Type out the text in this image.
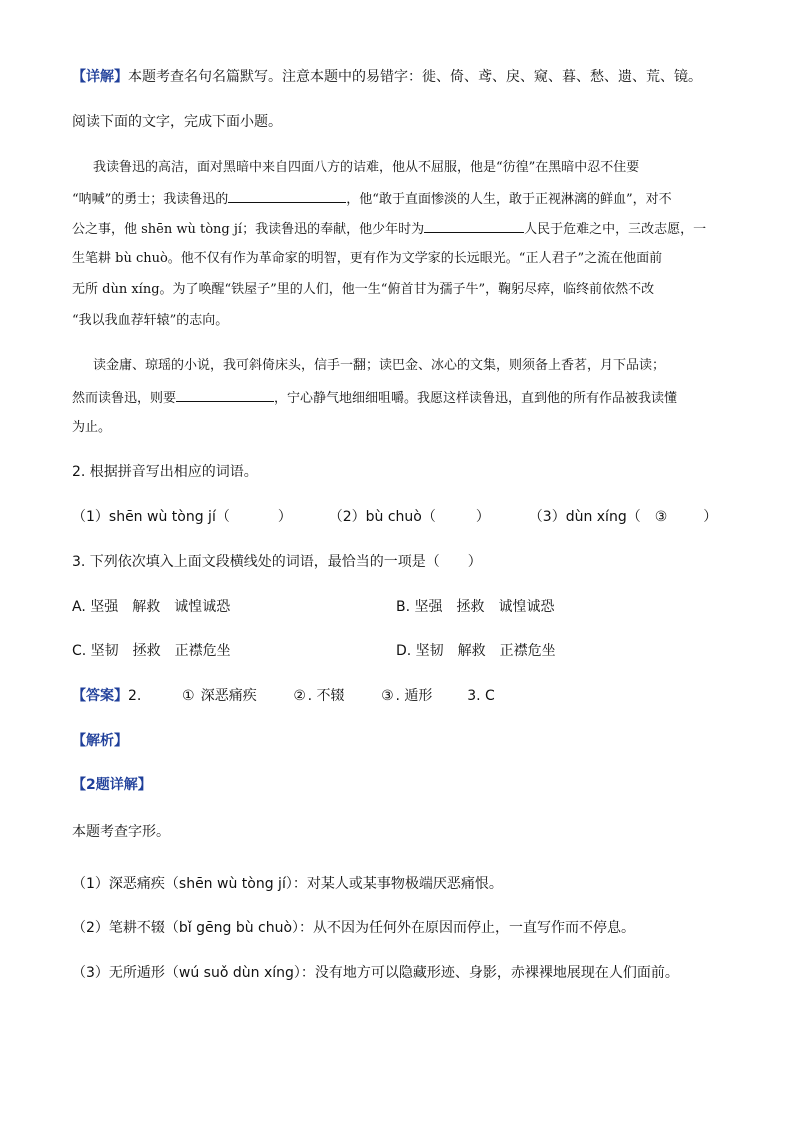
【详解】本题考查名句名篇默写。注意本题中的易错字：徙、倚、鸢、戾、窥、暮、愁、遗、荒、镜。
阅读下面的文字，完成下面小题。
我读鲁迅的高洁，面对黑暗中来自四面八方的诘难，他从不屈服，他是“彷徨”在黑暗中忍不住要
“呐喊”的勇士；我读鲁迅的	，他“敢于直面惨淡的人生，敢于正视淋漓的鲜血”，对不
公之事，他 shēn wù tòng jí；我读鲁迅的奉献，他少年时为	人民于危难之中，三改志愿，一
生笔耕 bù chuò。他不仅有作为革命家的明智，更有作为文学家的长远眼光。“正人君子”之流在他面前
无所 dùn xíng。为了唤醒“铁屋子”里的人们，他一生“俯首甘为孺子牛”，鞠躬尽瘁，临终前依然不改
“我以我血荐轩辕”的志向。
读金庸、琼瑶的小说，我可斜倚床头，信手一翻；读巴金、冰心的文集，则须备上香茗，月下品读；
然而读鲁迅，则要	，宁心静气地细细咀嚼。我愿这样读鲁迅，直到他的所有作品被我读懂
为止。
2. 根据拼音写出相应的词语。
（1）shēn wù tòng jí（	）	（2）bù chuò（	）	（3）dùn xíng（ ③	）
3. 下列依次填入上面文段横线处的词语，最恰当的一项是（　　）
A. 坚强　解救　诚惶诚恐	B. 坚强　拯救　诚惶诚恐
C. 坚韧　拯救　正襟危坐	D. 坚韧　解救　正襟危坐
【答案】2.	① 深恶痛疾	② . 不辍	③ . 遁形 3. C
【解析】
【2题详解】
本题考查字形。
（1）深恶痛疾（shēn wù tòng jí）：对某人或某事物极端厌恶痛恨。
（2）笔耕不辍（bǐ gēng bù chuò）：从不因为任何外在原因而停止，一直写作而不停息。
（3）无所遁形（wú suǒ dùn xíng）：没有地方可以隐藏形迹、身影，赤裸裸地展现在人们面前。
